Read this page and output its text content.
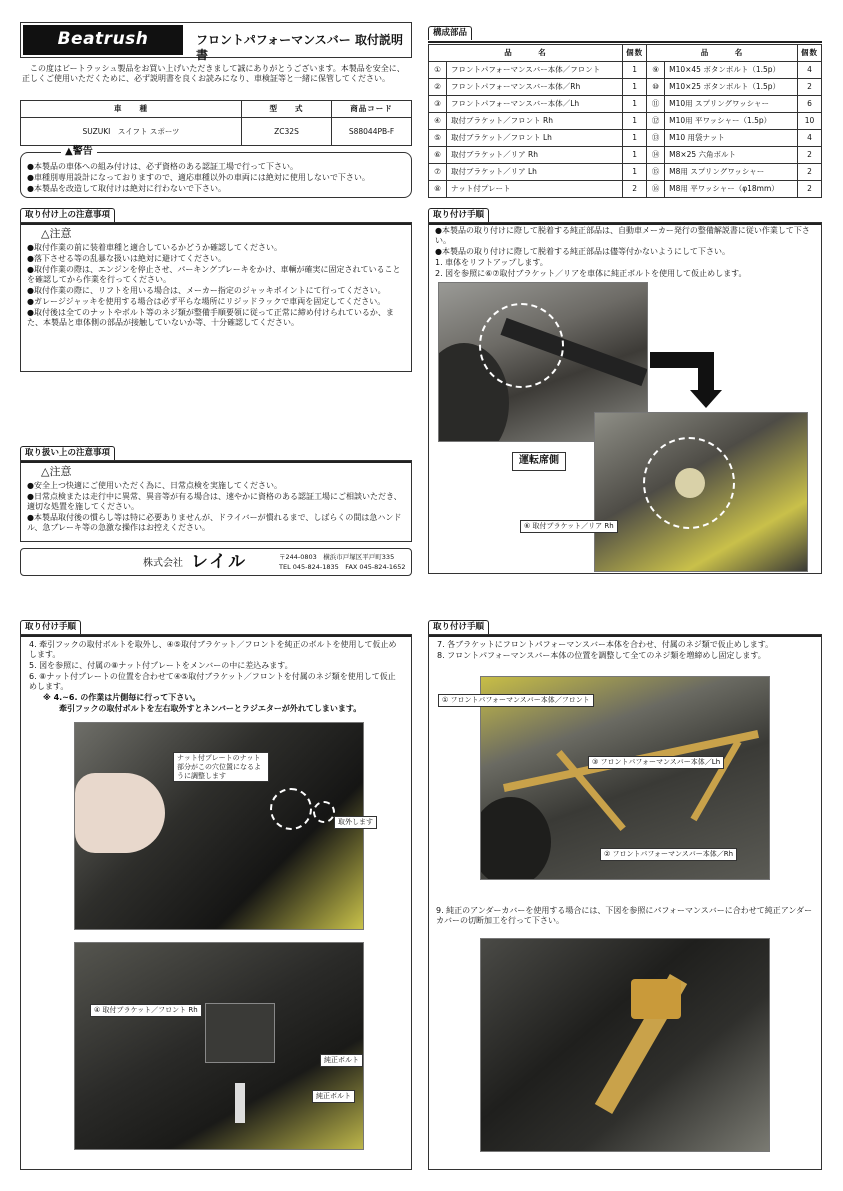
Beatrush	フロントパフォーマンスバー 取付説明書
この度はビートラッシュ製品をお買い上げいただきまして誠にありがとうございます。本製品を安全に、正しくご使用いただくために、必ず説明書を良くお読みになり、車検証等と一緒に保管してください。
車　　種	型　　式	商品コード
SUZUKI　スイフト スポーツ	ZC32S	S88044PB-F
▲警告
●本製品の車体への組み付けは、必ず資格のある認証工場で行って下さい。
●車種別専用設計になっておりますので、適応車種以外の車両には絶対に使用しないで下さい。
●本製品を改造して取付けは絶対に行わないで下さい。
取り付け上の注意事項
△注意
●取付作業の前に装着車種と適合しているかどうか確認してください。
●落下させる等の乱暴な扱いは絶対に避けてください。
●取付作業の際は、エンジンを停止させ、パーキングブレーキをかけ、車輌が確実に固定されていることを確認してから作業を行ってください。
●取付作業の際に、リフトを用いる場合は、メーカー指定のジャッキポイントにて行ってください。
●ガレージジャッキを使用する場合は必ず平らな場所にリジッドラックで車両を固定してください。
●取付後は全てのナットやボルト等のネジ類が整備手順要領に従って正常に締め付けられているか、また、本製品と車体側の部品が接触していないか等、十分確認してください。
取り扱い上の注意事項
△注意
●安全上つ快適にご使用いただく為に、日常点検を実施してください。
●日常点検または走行中に異常、異音等が有る場合は、速やかに資格のある認証工場にご相談いただき、適切な処置を施してください。
●本製品取付後の慣らし等は特に必要ありませんが、ドライバーが慣れるまで、しばらくの間は急ハンドル、急ブレーキ等の急激な操作はお控えください。
株式会社 レイル	〒244-0803　横浜市戸塚区平戸町335
TEL 045-824-1835　FAX 045-824-1652
構成部品
品　　　名		個数	品　　　名		個数
①	フロントパフォーマンスバー本体／フロント	1	⑨	M10×45 ボタンボルト（1.5p）	4
②	フロントパフォーマンスバー本体／Rh	1	⑩	M10×25 ボタンボルト（1.5p）	2
③	フロントパフォーマンスバー本体／Lh	1	⑪	M10用 スプリングワッシャー	6
④	取付ブラケット／フロント Rh	1	⑫	M10用 平ワッシャー（1.5p）	10
⑤	取付ブラケット／フロント Lh	1	⑬	M10 用袋ナット	4
⑥	取付ブラケット／リア Rh	1	⑭	M8×25 六角ボルト	2
⑦	取付ブラケット／リア Lh	1	⑮	M8用 スプリングワッシャー	2
⑧	ナット付プレート	2	⑯	M8用 平ワッシャー（φ18mm）	2
取り付け手順
●本製品の取り付けに際して脱着する純正部品は、自動車メーカー発行の整備解説書に従い作業して下さい。
●本製品の取り付けに際して脱着する純正部品は儘等付かないようにして下さい。
1. 車体をリフトアップします。
2. 図を参照に⑥⑦取付ブラケット／リアを車体に純正ボルトを使用して仮止めします。
運転席側
⑥ 取付ブラケット／リア Rh
取り付け手順

4. 牽引フックの取付ボルトを取外し、④⑤取付ブラケット／フロントを純正のボルトを使用して仮止めします。

5. 図を参照に、付属の⑧ナット付プレートをメンバーの中に差込みます。

6. ⑧ナット付プレートの位置を合わせて④⑤取付ブラケット／フロントを付属のネジ類を使用して仮止めします。

※ 4.~6. の作業は片側毎に行って下さい。

牽引フックの取付ボルトを左右取外すとネンバーとラジエターが外れてしまいます。

ナット付プレートのナット部分がこの穴位置になるように調整します
取外します
④ 取付ブラケット／フロント Rh
純正ボルト
純正ボルト
取り付け手順

7. 各ブラケットにフロントパフォーマンスバー本体を合わせ、付属のネジ類で仮止めします。

8. フロントパフォーマンスバー本体の位置を調整して全てのネジ類を増締めし固定します。

① フロントパフォーマンスバー本体／フロント
③ フロントパフォーマンスバー本体／Lh
② フロントパフォーマンスバー本体／Rh
9. 純正のアンダーカバーを使用する場合には、下図を参照にパフォーマンスバーに合わせて純正アンダーカバーの切断加工を行って下さい。
